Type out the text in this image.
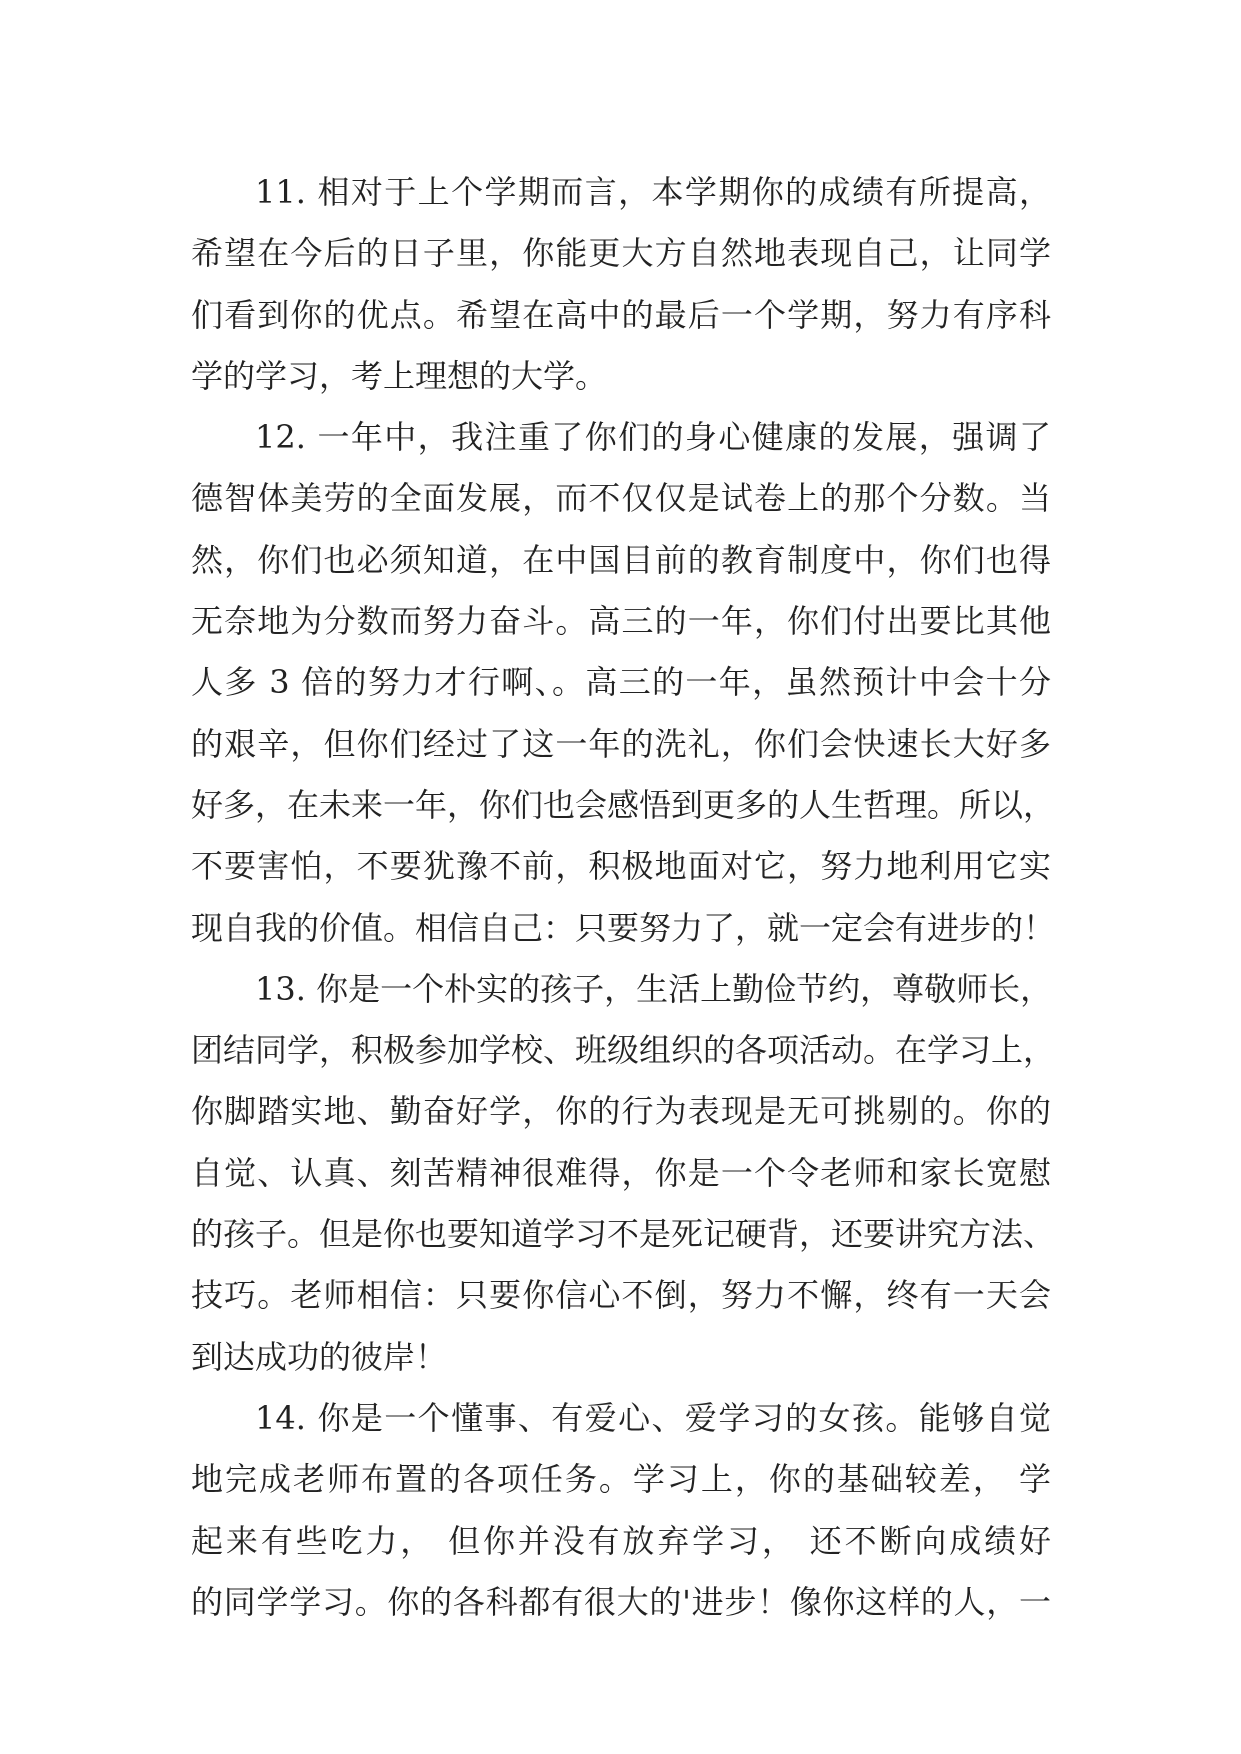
11. 相对于上个学期而言，本学期你的成绩有所提高，
希望在今后的日子里，你能更大方自然地表现自己，让同学
们看到你的优点。希望在高中的最后一个学期，努力有序科
学的学习，考上理想的大学。
12. 一年中，我注重了你们的身心健康的发展，强调了
德智体美劳的全面发展，而不仅仅是试卷上的那个分数。当
然，你们也必须知道，在中国目前的教育制度中，你们也得
无奈地为分数而努力奋斗。高三的一年，你们付出要比其他
人多 3 倍的努力才行啊、。高三的一年，虽然预计中会十分
的艰辛，但你们经过了这一年的洗礼，你们会快速长大好多
好多，在未来一年，你们也会感悟到更多的人生哲理。所以，
不要害怕，不要犹豫不前，积极地面对它，努力地利用它实
现自我的价值。相信自己：只要努力了，就一定会有进步的！
13. 你是一个朴实的孩子，生活上勤俭节约，尊敬师长，
团结同学，积极参加学校、班级组织的各项活动。在学习上，
你脚踏实地、勤奋好学，你的行为表现是无可挑剔的。你的
自觉、认真、刻苦精神很难得，你是一个令老师和家长宽慰
的孩子。但是你也要知道学习不是死记硬背，还要讲究方法、
技巧。老师相信：只要你信心不倒，努力不懈，终有一天会
到达成功的彼岸！
14. 你是一个懂事、有爱心、爱学习的女孩。能够自觉
地完成老师布置的各项任务。学习上，你的基础较差， 学
起来有些吃力， 但你并没有放弃学习， 还不断向成绩好
的同学学习。你的各科都有很大的'进步！像你这样的人，一
